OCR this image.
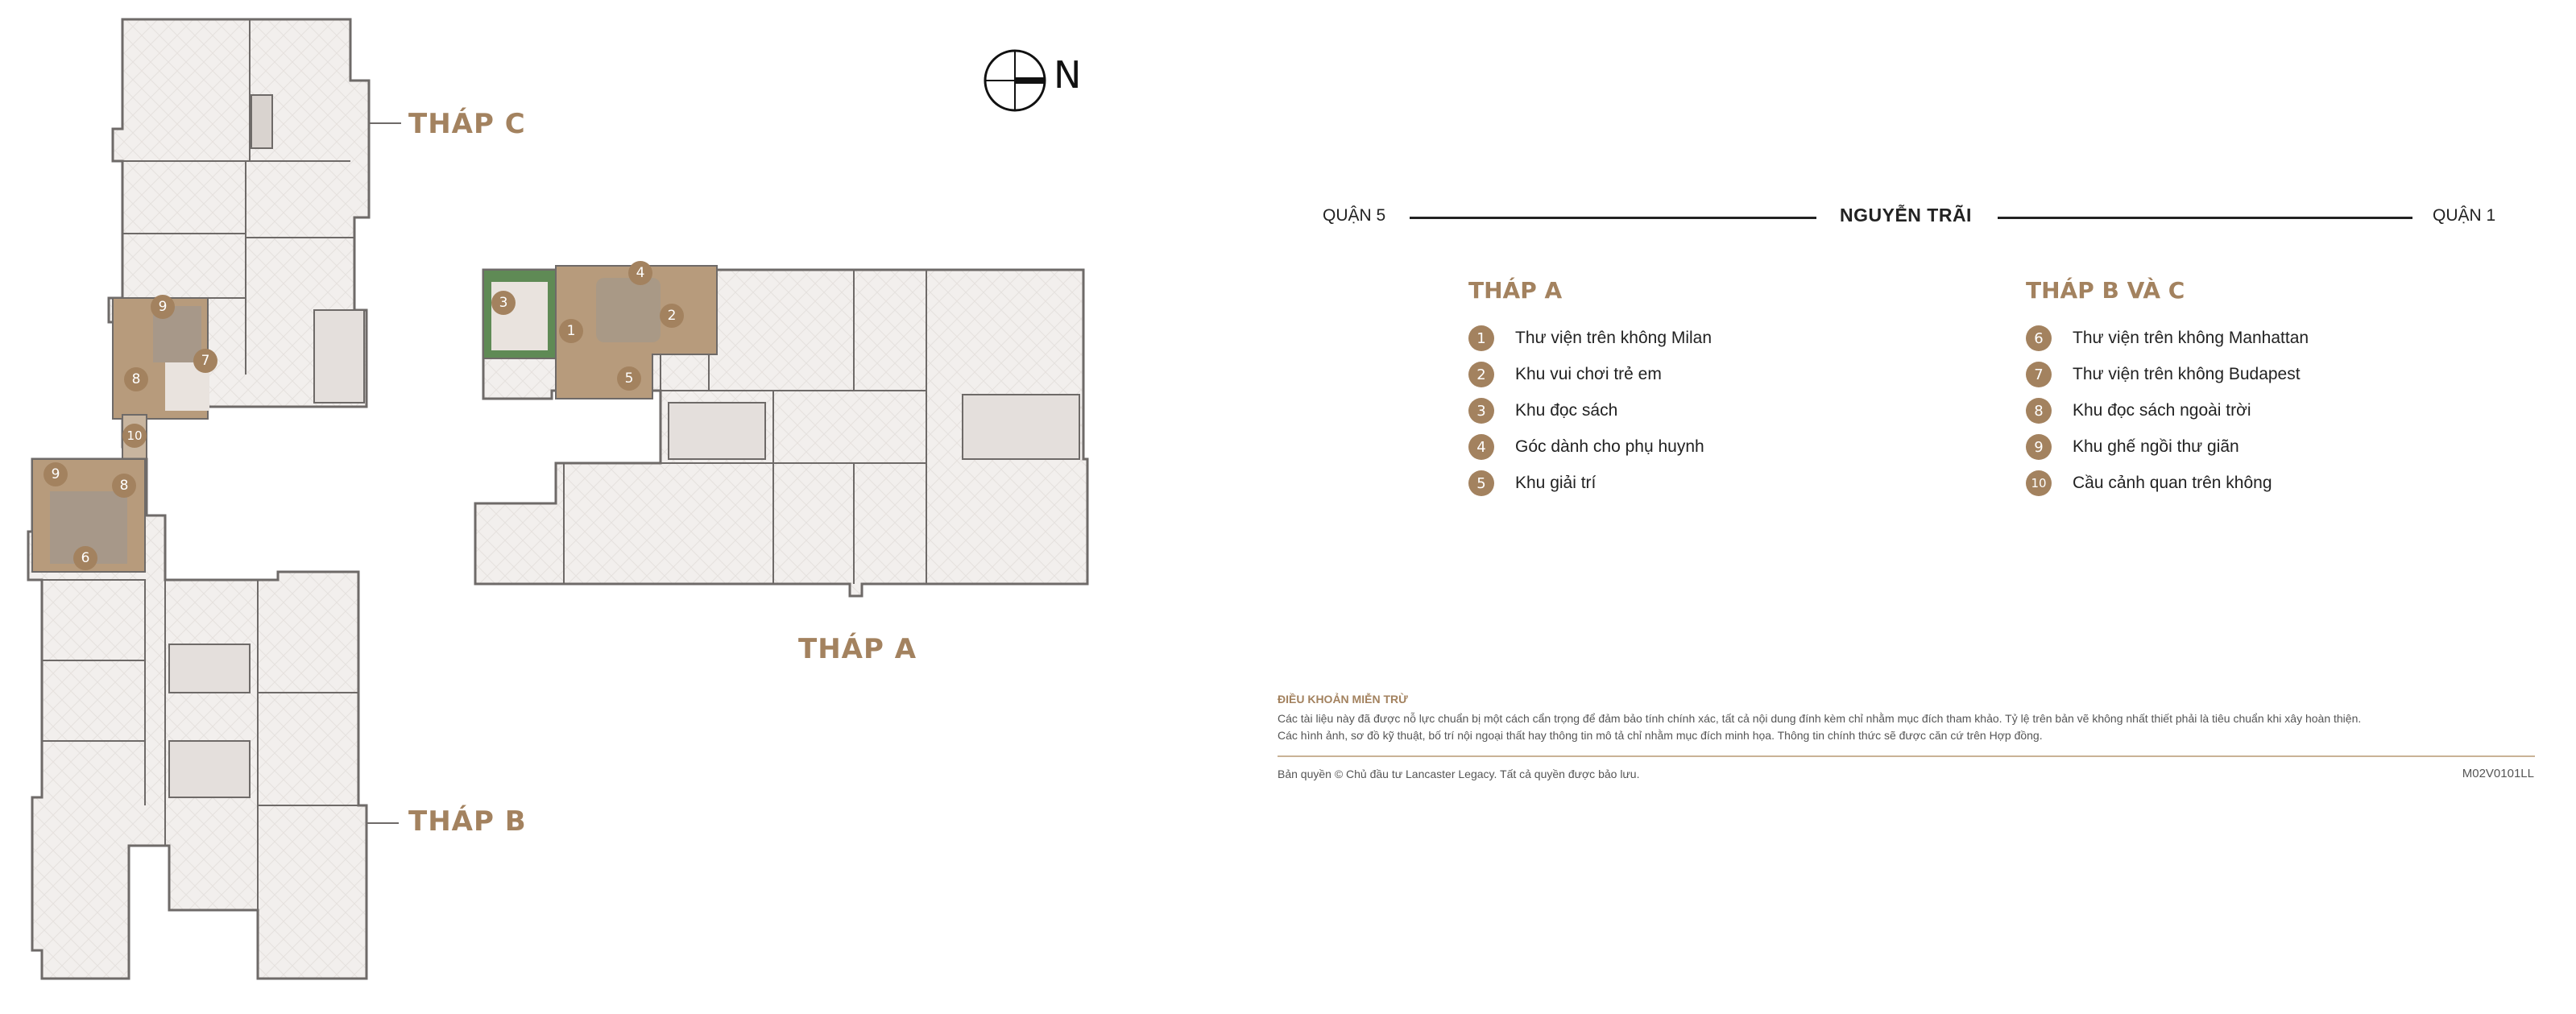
1
2
3
4
5
6
7
8
8
9
9
10
N
THÁP C
THÁP B
THÁP A
QUẬN 5	NGUYỄN TRÃI	QUẬN 1
THÁP A
1	Thư viện trên không Milan
2	Khu vui chơi trẻ em
3	Khu đọc sách
4	Góc dành cho phụ huynh
5	Khu giải trí
THÁP B VÀ C
6	Thư viện trên không Manhattan
7	Thư viện trên không Budapest
8	Khu đọc sách ngoài trời
9	Khu ghế ngồi thư giãn
10	Cầu cảnh quan trên không
ĐIỀU KHOẢN MIỄN TRỪ
Các tài liệu này đã được nỗ lực chuẩn bị một cách cẩn trọng để đảm bảo tính chính xác, tất cả nội dung đính kèm chỉ nhằm mục đích tham khảo. Tỷ lệ trên bản vẽ không nhất thiết phải là tiêu chuẩn khi xây hoàn thiện.
Các hình ảnh, sơ đồ kỹ thuật, bố trí nội ngoại thất hay thông tin mô tả chỉ nhằm mục đích minh họa. Thông tin chính thức sẽ được căn cứ trên Hợp đồng.
Bản quyền © Chủ đầu tư Lancaster Legacy. Tất cả quyền được bảo lưu.	M02V0101LL
